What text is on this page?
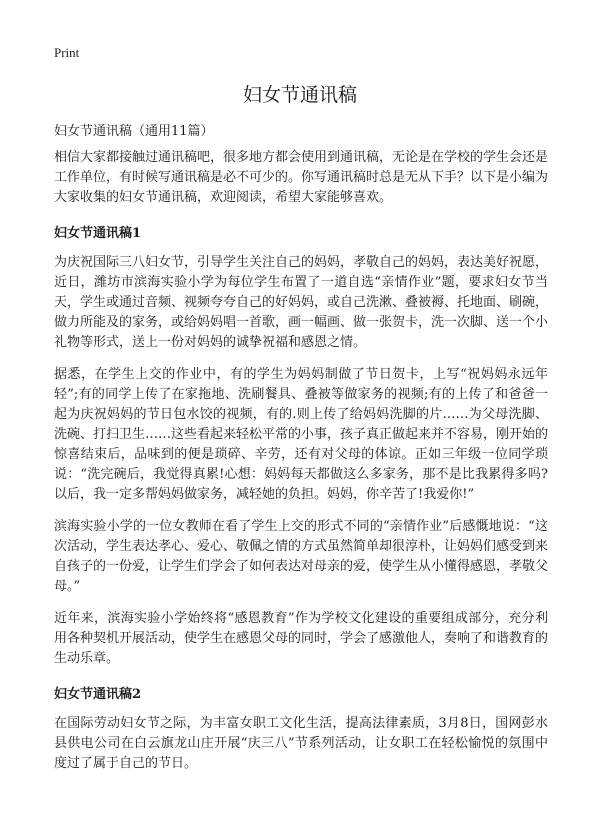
Print
妇女节通讯稿

妇女节通讯稿（通用11篇）

相信大家都接触过通讯稿吧，很多地方都会使用到通讯稿，无论是在学校的学生会还是工作单位，有时候写通讯稿是必不可少的。你写通讯稿时总是无从下手？以下是小编为大家收集的妇女节通讯稿，欢迎阅读，希望大家能够喜欢。

妇女节通讯稿1

为庆祝国际三八妇女节，引导学生关注自己的妈妈，孝敬自己的妈妈，表达美好祝愿，近日，潍坊市滨海实验小学为每位学生布置了一道自选“亲情作业”题，要求妇女节当天，学生或通过音频、视频夸夸自己的好妈妈，或自己洗漱、叠被褥、托地面、刷碗，做力所能及的家务，或给妈妈唱一首歌，画一幅画、做一张贺卡，洗一次脚、送一个小礼物等形式，送上一份对妈妈的诚挚祝福和感恩之情。

据悉，在学生上交的作业中，有的学生为妈妈制做了节日贺卡，上写“祝妈妈永远年轻”;有的同学上传了在家拖地、洗刷餐具、叠被等做家务的视频;有的上传了和爸爸一起为庆祝妈妈的节日包水饺的视频，有的.则上传了给妈妈洗脚的片……为父母洗脚、洗碗、打扫卫生……这些看起来轻松平常的小事，孩子真正做起来并不容易，刚开始的惊喜结束后，品味到的便是琐碎、辛劳，还有对父母的体谅。正如三年级一位同学琐说：“洗完碗后，我觉得真累!心想：妈妈每天都做这么多家务，那不是比我累得多吗?以后，我一定多帮妈妈做家务，减轻她的负担。妈妈，你辛苦了!我爱你!”

滨海实验小学的一位女教师在看了学生上交的形式不同的“亲情作业”后感慨地说：“这次活动，学生表达孝心、爱心、敬佩之情的方式虽然简单却很淳朴，让妈妈们感受到来自孩子的一份爱，让学生们学会了如何表达对母亲的爱，使学生从小懂得感恩，孝敬父母。”

近年来，滨海实验小学始终将“感恩教育”作为学校文化建设的重要组成部分，充分利用各种契机开展活动，使学生在感恩父母的同时，学会了感激他人，奏响了和谐教育的生动乐章。

妇女节通讯稿2

在国际劳动妇女节之际，为丰富女职工文化生活，提高法律素质，3月8日，国网彭水县供电公司在白云旗龙山庄开展“庆三八”节系列活动，让女职工在轻松愉悦的氛围中度过了属于自己的节日。
